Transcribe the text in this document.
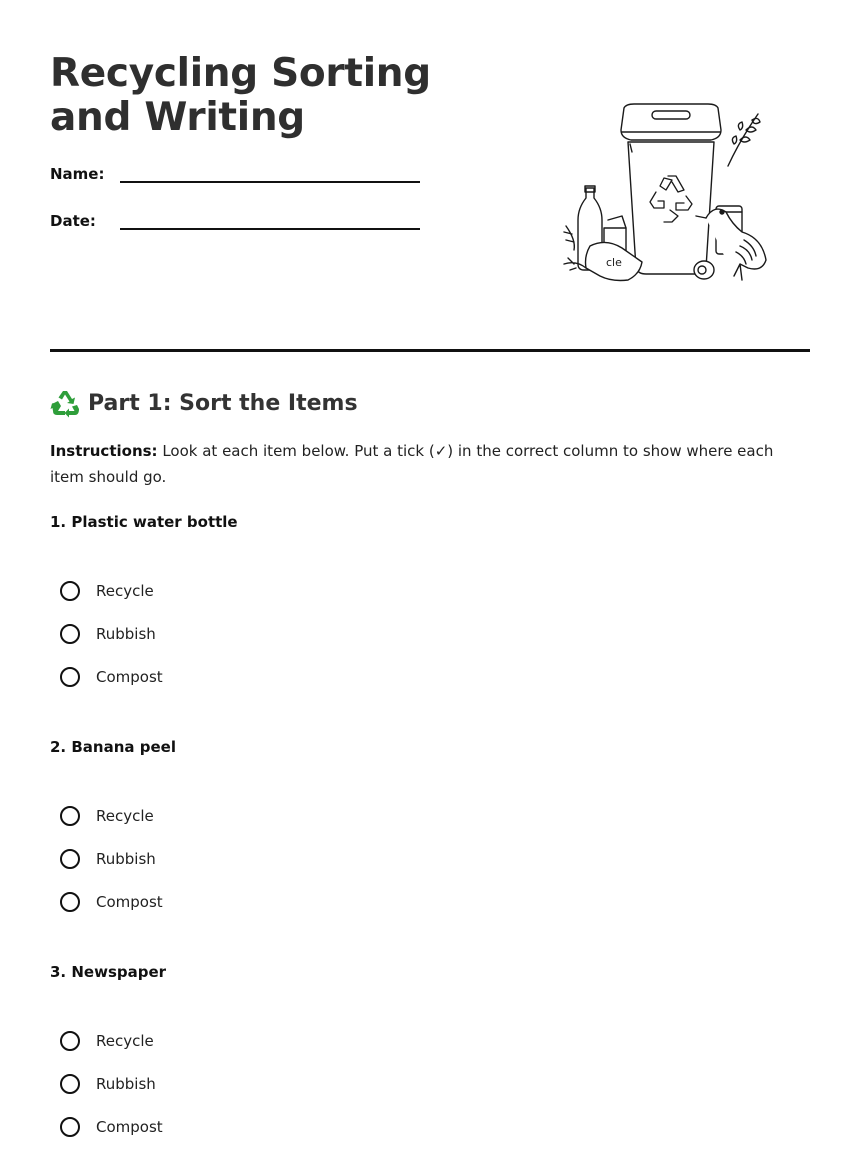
Recycling Sorting and Writing
Name:
Date:
cle
Part 1: Sort the Items

Instructions: Look at each item below. Put a tick (✓) in the correct column to show where each item should go.

1. Plastic water bottle

Recycle
Rubbish
Compost

2. Banana peel

Recycle
Rubbish
Compost

3. Newspaper

Recycle
Rubbish
Compost
